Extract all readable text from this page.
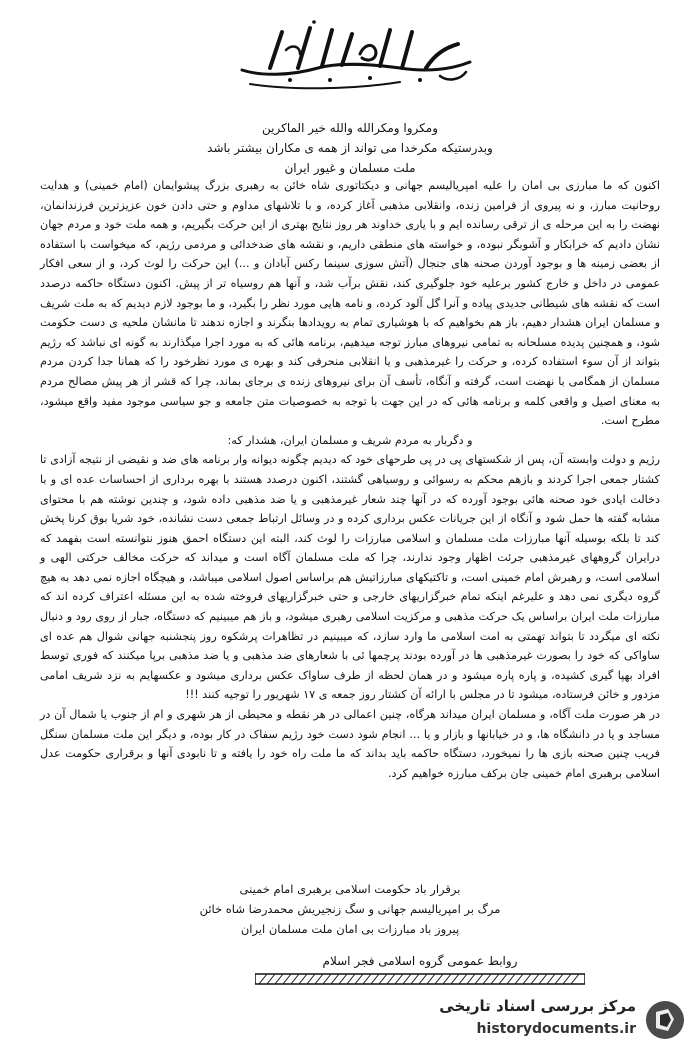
ومکروا ومکرالله والله خیر الماکرین

وبدرستیکه مکرخدا می تواند از همه ی مکاران بیشتر باشد

ملت مسلمان و غیور ایران

اکنون که ما مبارزی بی امان را علیه امپریالیسم جهانی و دیکتاتوری شاه خائن به رهبری بزرگ پیشوایمان (امام خمینی) و هدایت روحانیت مبارز، و نه پیروی از فرامین زنده، وانقلابی مذهبی آغاز کرده، و با تلاشهای مداوم و حتی دادن خون عزیزترین فرزندانمان، نهضت را به این مرحله ی از ترقی رسانده ایم و با یاری خداوند هر روز نتایج بهتری از این حرکت بگیریم، و همه ملت خود و مردم جهان نشان دادیم که خرابکار و آشوبگر نبوده، و خواسته های منطقی داریم، و نقشه های ضدخدائی و مردمی رژیم، که میخواست با استفاده از بعضی زمینه ها و بوجود آوردن صحنه های جنجال (آتش سوزی سینما رکس آبادان و ...) این حرکت را لوث کرد، و از سعی افکار عمومی در داخل و خارج کشور برعلیه خود جلوگیری کند، نقش برآب شد، و آنها هم روسیاه تر از پیش. اکنون دستگاه حاکمه درصدد است که نقشه های شیطانی جدیدی پیاده و آنرا گل آلود کرده، و نامه هایی مورد نظر را بگیرد، و ما بوجود لازم دیدیم که به ملت شریف و مسلمان ایران هشدار دهیم، باز هم بخواهیم که با هوشیاری تمام به رویدادها بنگرند و اجازه ندهند تا مانشان ملحیه ی دست حکومت شود، و همچنین پدیده مسلحانه به تمامی نیروهای مبارز توجه میدهیم، برنامه هائی که به مورد اجرا میگذارند به گونه ای نباشد که رژیم بتواند از آن سوء استفاده کرده، و حرکت را غیرمذهبی و یا انقلابی منحرفی کند و بهره ی مورد نظرخود را که همانا جدا کردن مردم مسلمان از همگامی با نهضت است، گرفته و آنگاه، تأسف آن برای نیروهای زنده ی برجای بماند، چرا که قشر از هر پیش مصالح مردم به معنای اصیل و واقعی کلمه و برنامه هائی که در این جهت با توجه به خصوصیات متن جامعه و جو سیاسی موجود مفید واقع میشود، مطرح است.

و دگربار به مردم شریف و مسلمان ایران، هشدار که:

رژیم و دولت وابسته آن، پس از شکستهای پی در پی طرحهای خود که دیدیم چگونه دیوانه وار برنامه های ضد و نقیضی از نتیجه آزادی تا کشتار جمعی اجرا کردند و بازهم محکم به رسوائی و روسیاهی گشتند، اکنون درصدد هستند با بهره برداری از احساسات عده ای و با دخالت ایادی خود صحنه هائی بوجود آورده که در آنها چند شعار غیرمذهبی و یا ضد مذهبی داده شود، و چندین نوشته هم با محتوای مشابه گفته ها حمل شود و آنگاه از این جریانات عکس برداری کرده و در وسائل ارتباط جمعی دست نشانده، خود شریا بوق کرنا پخش کند تا بلکه بوسیله آنها مبارزات ملت مسلمان و اسلامی مبارزات را لوث کند، البته این دستگاه احمق هنوز نتوانسته است بفهمد که درایران گروههای غیرمذهبی جرئت اظهار وجود ندارند، چرا که ملت مسلمان آگاه است و میداند که حرکت مخالف حرکتی الهی و اسلامی است، و رهبرش امام خمینی است، و تاکتیکهای مبارزاتیش هم براساس اصول اسلامی میباشد، و هیچگاه اجازه نمی دهد به هیچ گروه دیگری نمی دهد و علیرغم اینکه تمام خبرگزاریهای خارجی و حتی خبرگزاریهای فروخته شده به این مسئله اعتراف کرده اند که مبارزات ملت ایران براساس یک حرکت مذهبی و مرکزیت اسلامی رهبری میشود، و باز هم میبینیم که دستگاه، جبار از روی رود و دنبال نکته ای میگردد تا بتواند تهمتی به امت اسلامی ما وارد سازد، که میبینیم در تظاهرات پرشکوه روز پنجشنبه جهانی شوال هم عده ای ساواکی که خود را بصورت غیرمذهبی ها در آورده بودند پرچمها ئی با شعارهای ضد مذهبی و یا ضد مذهبی برپا میکنند که فوری توسط افراد بهپا گیری کشیده، و پاره پاره میشود و در همان لحظه از طرف ساواک عکس برداری میشود و عکسهایم به نزد شریف امامی مزدور و خائن فرستاده، میشود تا در مجلس با ارائه آن کشتار روز جمعه ی ۱۷ شهریور را توجیه کنند !!!

در هر صورت ملت آگاه، و مسلمان ایران میداند هرگاه، چنین اعمالی در هر نقطه و محیطی از هر شهری و ام از جنوب یا شمال آن در مساجد و یا در دانشگاه ها، و در خیابانها و بازار و یا ... انجام شود دست خود رژیم سفاک در کار بوده، و دیگر این ملت مسلمان سنگل فریب چنین صحنه بازی ها را نمیخورد، دستگاه حاکمه باید بداند که ما ملت راه خود را یافته و تا نابودی آنها و برقراری حکومت عدل اسلامی برهبری امام خمینی جان برکف مبارزه خواهیم کرد.

برقرار باد حکومت اسلامی برهبری امام خمینی

مرگ بر امپریالیسم جهانی و سگ زنجیریش محمدرضا شاه خائن

پیروز باد مبارزات بی امان ملت مسلمان ایران

روابط عمومی گروه اسلامی فجر اسلام
مرکز بررسی اسناد تاریخی
historydocuments.ir
